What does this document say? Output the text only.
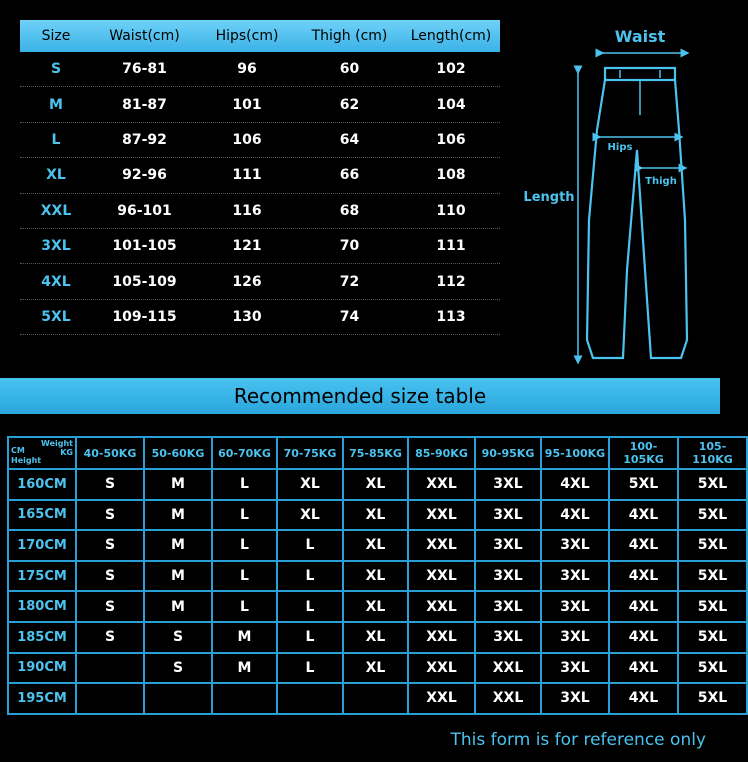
Size	Waist(cm)	Hips(cm)	Thigh (cm)	Length(cm)
S	76-81	96	60	102
M	81-87	101	62	104
L	87-92	106	64	106
XL	92-96	111	66	108
XXL	96-101	116	68	110
3XL	101-105	121	70	111
4XL	105-109	126	72	112
5XL	109-115	130	74	113
Waist
Length
Hips
Thigh
Recommended size table
Weight
KG
CM
Height	40-50KG	50-60KG	60-70KG	70-75KG	75-85KG	85-90KG	90-95KG	95-100KG	100-105KG	105-110KG
160CM	S	M	L	XL	XL	XXL	3XL	4XL	5XL	5XL
165CM	S	M	L	XL	XL	XXL	3XL	4XL	4XL	5XL
170CM	S	M	L	L	XL	XXL	3XL	3XL	4XL	5XL
175CM	S	M	L	L	XL	XXL	3XL	3XL	4XL	5XL
180CM	S	M	L	L	XL	XXL	3XL	3XL	4XL	5XL
185CM	S	S	M	L	XL	XXL	3XL	3XL	4XL	5XL
190CM		S	M	L	XL	XXL	XXL	3XL	4XL	5XL
195CM						XXL	XXL	3XL	4XL	5XL
This form is for reference only
